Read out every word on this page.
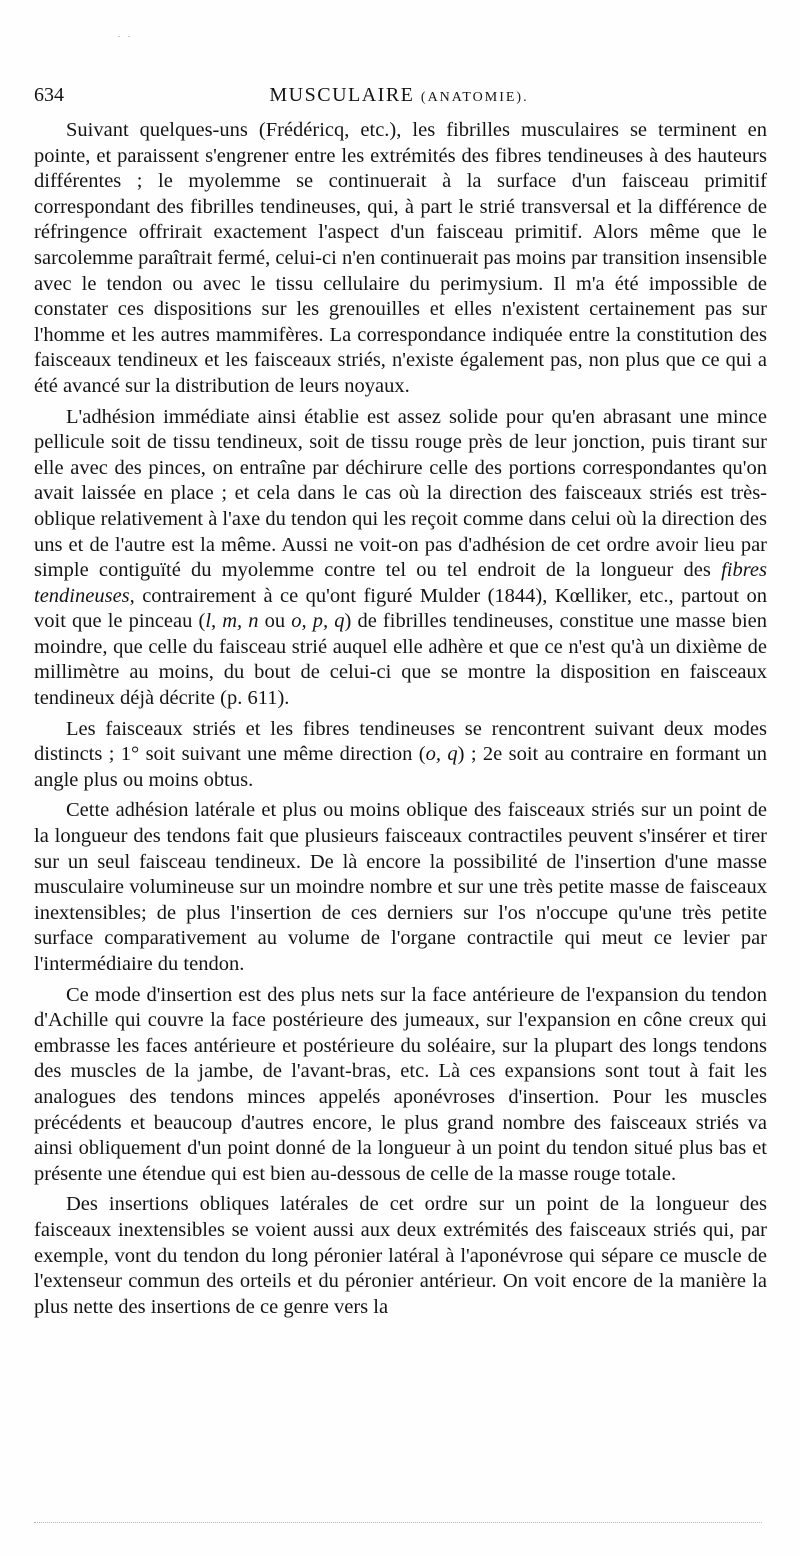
634	MUSCULAIRE (ANATOMIE).

Suivant quelques-uns (Frédéricq, etc.), les fibrilles musculaires se terminent en pointe, et paraissent s'engrener entre les extrémités des fibres tendineuses à des hauteurs différentes ; le myolemme se continuerait à la surface d'un faisceau primitif correspondant des fibrilles tendineuses, qui, à part le strié transversal et la différence de réfringence offrirait exactement l'aspect d'un faisceau primitif. Alors même que le sarcolemme paraîtrait fermé, celui-ci n'en continuerait pas moins par transition insensible avec le tendon ou avec le tissu cellulaire du perimysium. Il m'a été impossible de constater ces dispositions sur les grenouilles et elles n'existent certainement pas sur l'homme et les autres mammifères. La correspondance indiquée entre la constitution des faisceaux tendineux et les faisceaux striés, n'existe également pas, non plus que ce qui a été avancé sur la distribution de leurs noyaux.

L'adhésion immédiate ainsi établie est assez solide pour qu'en abrasant une mince pellicule soit de tissu tendineux, soit de tissu rouge près de leur jonction, puis tirant sur elle avec des pinces, on entraîne par déchirure celle des portions correspondantes qu'on avait laissée en place ; et cela dans le cas où la direction des faisceaux striés est très-oblique relativement à l'axe du tendon qui les reçoit comme dans celui où la direction des uns et de l'autre est la même. Aussi ne voit-on pas d'adhésion de cet ordre avoir lieu par simple contiguïté du myolemme contre tel ou tel endroit de la longueur des fibres tendineuses, contrairement à ce qu'ont figuré Mulder (1844), Kœlliker, etc., partout on voit que le pinceau (l, m, n ou o, p, q) de fibrilles tendineuses, constitue une masse bien moindre, que celle du faisceau strié auquel elle adhère et que ce n'est qu'à un dixième de millimètre au moins, du bout de celui-ci que se montre la disposition en faisceaux tendineux déjà décrite (p. 611).

Les faisceaux striés et les fibres tendineuses se rencontrent suivant deux modes distincts ; 1° soit suivant une même direction (o, q) ; 2e soit au contraire en formant un angle plus ou moins obtus.

Cette adhésion latérale et plus ou moins oblique des faisceaux striés sur un point de la longueur des tendons fait que plusieurs faisceaux contractiles peuvent s'insérer et tirer sur un seul faisceau tendineux. De là encore la possibilité de l'insertion d'une masse musculaire volumineuse sur un moindre nombre et sur une très petite masse de faisceaux inextensibles; de plus l'insertion de ces derniers sur l'os n'occupe qu'une très petite surface comparativement au volume de l'organe contractile qui meut ce levier par l'intermédiaire du tendon.

Ce mode d'insertion est des plus nets sur la face antérieure de l'expansion du tendon d'Achille qui couvre la face postérieure des jumeaux, sur l'expansion en cône creux qui embrasse les faces antérieure et postérieure du soléaire, sur la plupart des longs tendons des muscles de la jambe, de l'avant-bras, etc. Là ces expansions sont tout à fait les analogues des tendons minces appelés aponévroses d'insertion. Pour les muscles précédents et beaucoup d'autres encore, le plus grand nombre des faisceaux striés va ainsi obliquement d'un point donné de la longueur à un point du tendon situé plus bas et présente une étendue qui est bien au-dessous de celle de la masse rouge totale.

Des insertions obliques latérales de cet ordre sur un point de la longueur des faisceaux inextensibles se voient aussi aux deux extrémités des faisceaux striés qui, par exemple, vont du tendon du long péronier latéral à l'aponévrose qui sépare ce muscle de l'extenseur commun des orteils et du péronier antérieur. On voit encore de la manière la plus nette des insertions de ce genre vers la
